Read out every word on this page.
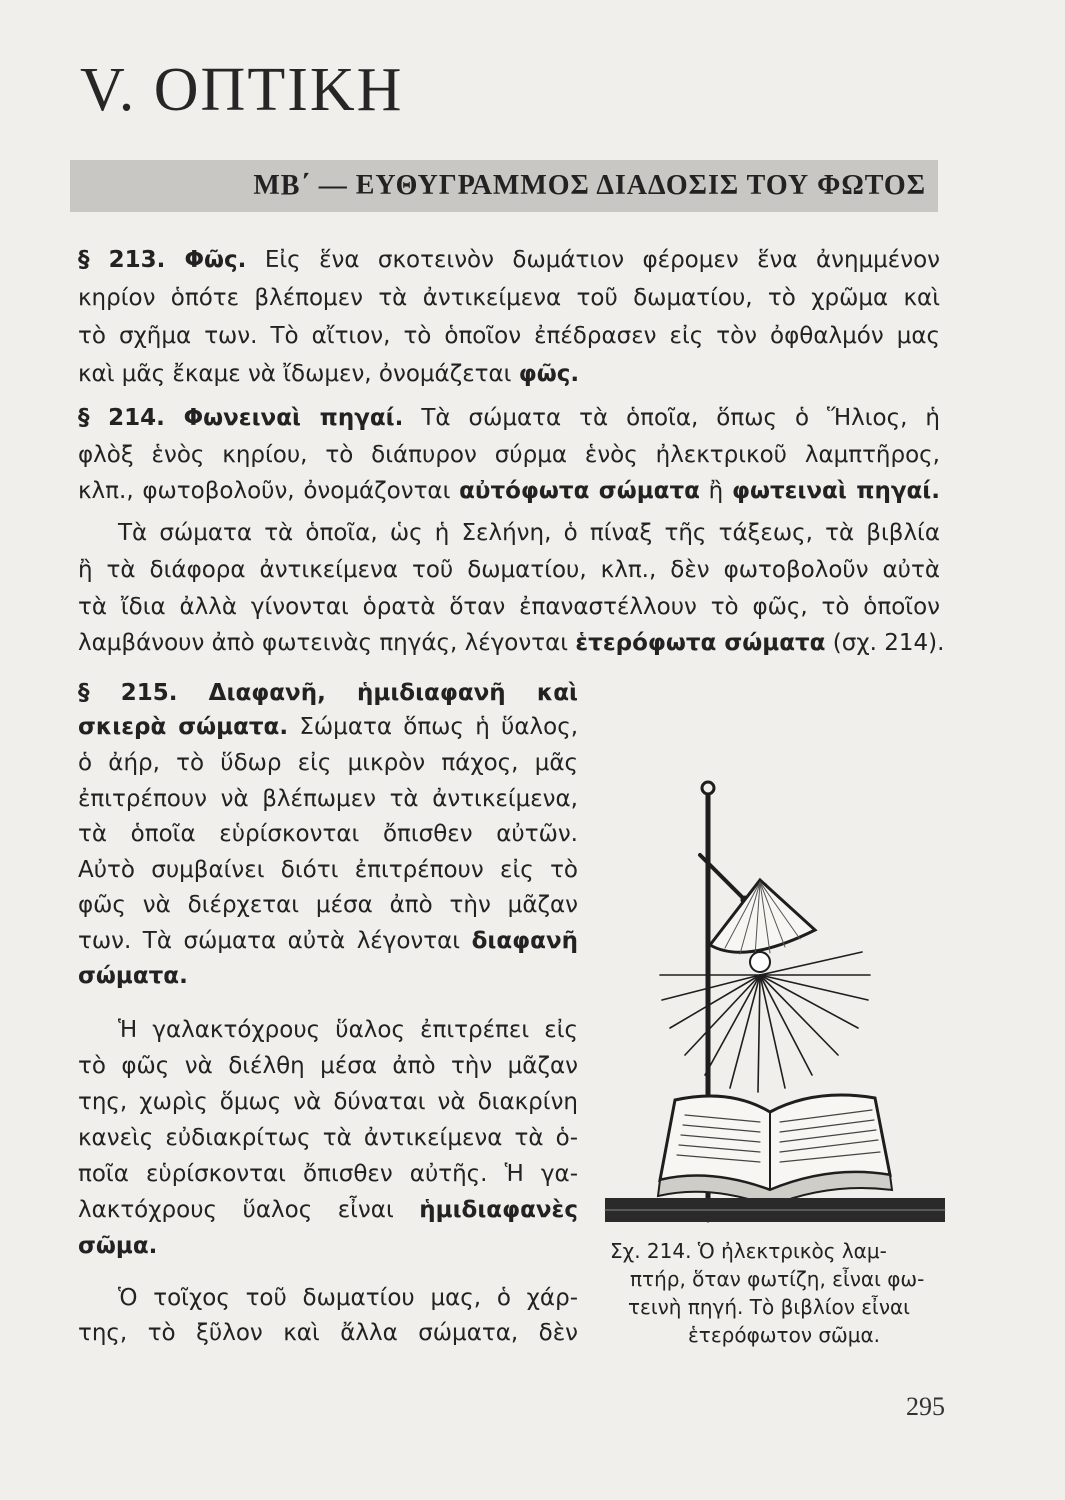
V. ΟΠΤΙΚΗ
ΜΒ΄ — ΕΥΘΥΓΡΑΜΜΟΣ ΔΙΑΔΟΣΙΣ ΤΟΥ ΦΩΤΟΣ
§ 213. Φῶς. Εἰς ἕνα σκοτεινὸν δωμάτιον φέρομεν ἕνα ἀνημμένον
κηρίον ὁπότε βλέπομεν τὰ ἀντικείμενα τοῦ δωματίου, τὸ χρῶμα καὶ
τὸ σχῆμα των. Τὸ αἴτιον, τὸ ὁποῖον ἐπέδρασεν εἰς τὸν ὀφθαλμόν μας
καὶ μᾶς ἔκαμε νὰ ἴδωμεν, ὀνομάζεται φῶς.
§ 214. Φωνειναὶ πηγαί. Τὰ σώματα τὰ ὁποῖα, ὅπως ὁ Ἥλιος, ἡ
φλὸξ ἑνὸς κηρίου, τὸ διάπυρον σύρμα ἑνὸς ἠλεκτρικοῦ λαμπτῆρος,
κλπ., φωτοβολοῦν, ὀνομάζονται αὐτόφωτα σώματα ἢ φωτειναὶ πηγαί.
Τὰ σώματα τὰ ὁποῖα, ὡς ἡ Σελήνη, ὁ πίναξ τῆς τάξεως, τὰ βιβλία
ἢ τὰ διάφορα ἀντικείμενα τοῦ δωματίου, κλπ., δὲν φωτοβολοῦν αὐτὰ
τὰ ἴδια ἀλλὰ γίνονται ὁρατὰ ὅταν ἐπαναστέλλουν τὸ φῶς, τὸ ὁποῖον
λαμβάνουν ἀπὸ φωτεινὰς πηγάς, λέγονται ἑτερόφωτα σώματα (σχ. 214).
§ 215. Διαφανῆ, ἡμιδιαφανῆ καὶ
σκιερὰ σώματα. Σώματα ὅπως ἡ ὕαλος,
ὁ ἀήρ, τὸ ὕδωρ εἰς μικρὸν πάχος, μᾶς
ἐπιτρέπουν νὰ βλέπωμεν τὰ ἀντικείμενα,
τὰ ὁποῖα εὑρίσκονται ὄπισθεν αὐτῶν.
Αὐτὸ συμβαίνει διότι ἐπιτρέπουν εἰς τὸ
φῶς νὰ διέρχεται μέσα ἀπὸ τὴν μᾶζαν
των. Τὰ σώματα αὐτὰ λέγονται διαφανῆ
σώματα.
Ἡ γαλακτόχρους ὕαλος ἐπιτρέπει εἰς
τὸ φῶς νὰ διέλθη μέσα ἀπὸ τὴν μᾶζαν
της, χωρὶς ὅμως νὰ δύναται νὰ διακρίνη
κανεὶς εὐδιακρίτως τὰ ἀντικείμενα τὰ ὁ-
ποῖα εὑρίσκονται ὄπισθεν αὐτῆς. Ἡ γα-
λακτόχρους ὕαλος εἶναι ἡμιδιαφανὲς
σῶμα.
Ὁ τοῖχος τοῦ δωματίου μας, ὁ χάρ-
της, τὸ ξῦλον καὶ ἄλλα σώματα, δὲν
Σχ. 214. Ὁ ἠλεκτρικὸς λαμ-
πτήρ, ὅταν φωτίζη, εἶναι φω-
τεινὴ πηγή. Τὸ βιβλίον εἶναι
ἑτερόφωτον σῶμα.
295
